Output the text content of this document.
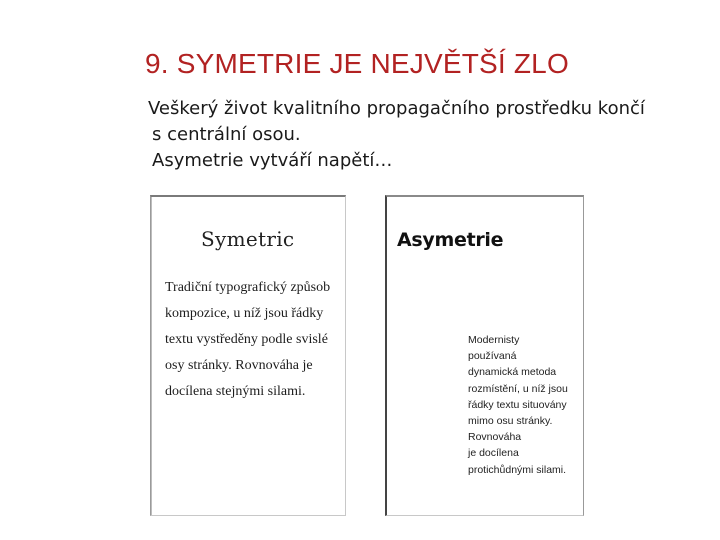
9. SYMETRIE JE NEJVĚTŠÍ ZLO
Veškerý život kvalitního propagačního prostředku končí
s centrální osou.
Asymetrie vytváří napětí…
Symetric
Tradiční typografický způsob
kompozice, u níž jsou řádky
textu vystředěny podle svislé
osy stránky. Rovnováha je
docílena stejnými silami.
Asymetrie
Modernisty
používaná
dynamická metoda
rozmístění, u níž jsou
řádky textu situovány
mimo osu stránky.
Rovnováha
je docílena
protichůdnými silami.
